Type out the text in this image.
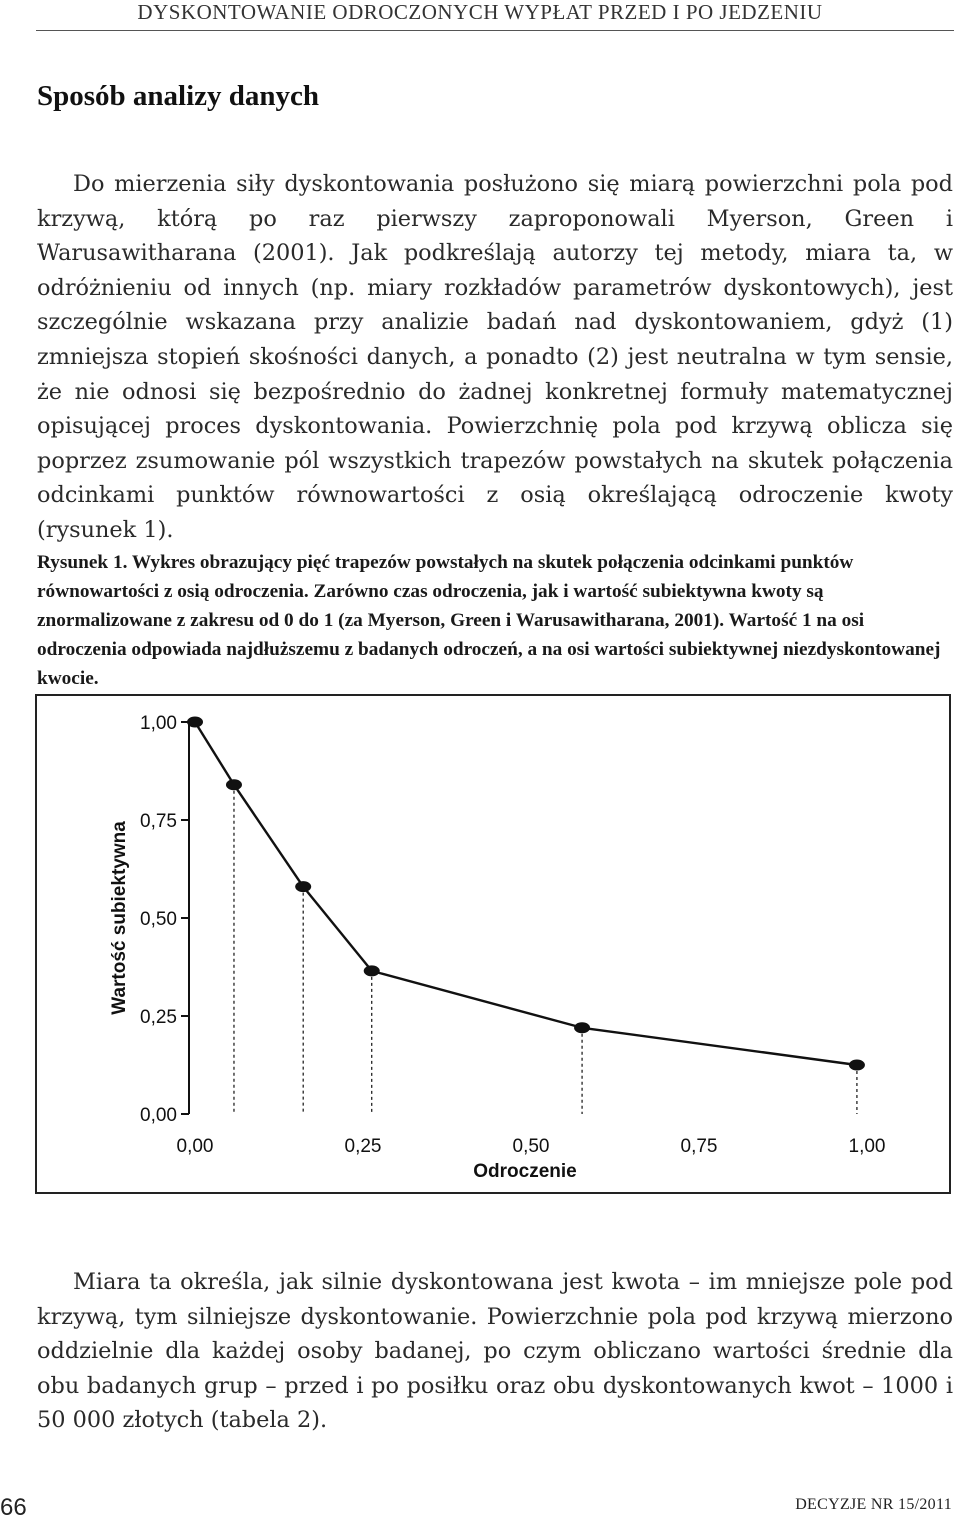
DYSKONTOWANIE ODROCZONYCH WYPŁAT PRZED I PO JEDZENIU
Sposób analizy danych

Do mierzenia siły dyskontowania posłużono się miarą powierzchni pola pod krzywą, którą po raz pierwszy zaproponowali Myerson, Green i Warusawitharana (2001). Jak podkreślają autorzy tej metody, miara ta, w odróżnieniu od innych (np. miary rozkładów parametrów dyskontowych), jest szczególnie wskazana przy analizie badań nad dyskontowaniem, gdyż (1) zmniejsza stopień skośności danych, a ponadto (2) jest neutralna w tym sensie, że nie odnosi się bezpośrednio do żadnej konkretnej formuły matematycznej opisującej proces dyskontowania. Powierzchnię pola pod krzywą oblicza się poprzez zsumowanie pól wszystkich trapezów powstałych na skutek połączenia odcinkami punktów równowartości z osią określającą odroczenie kwoty (rysunek 1).

Rysunek 1. Wykres obrazujący pięć trapezów powstałych na skutek połączenia odcinkami punktów równowartości z osią odroczenia. Zarówno czas odroczenia, jak i wartość subiektywna kwoty są znormalizowane z zakresu od 0 do 1 (za Myerson, Green i Warusawitharana, 2001). Wartość 1 na osi odroczenia odpowiada najdłuższemu z badanych odroczeń, a na osi wartości subiektywnej niezdyskontowanej kwocie.
0,00
0,25
0,50
0,75
1,00
0,00	0,25	0,50	0,75	1,00
Odroczenie
Wartość subiektywna

Miara ta określa, jak silnie dyskontowana jest kwota – im mniejsze pole pod krzywą, tym silniejsze dyskontowanie. Powierzchnie pola pod krzywą mierzono oddzielnie dla każdej osoby badanej, po czym obliczano wartości średnie dla obu badanych grup – przed i po posiłku oraz obu dyskontowanych kwot – 1000 i 50 000 złotych (tabela 2).

66	DECYZJE NR 15/2011
